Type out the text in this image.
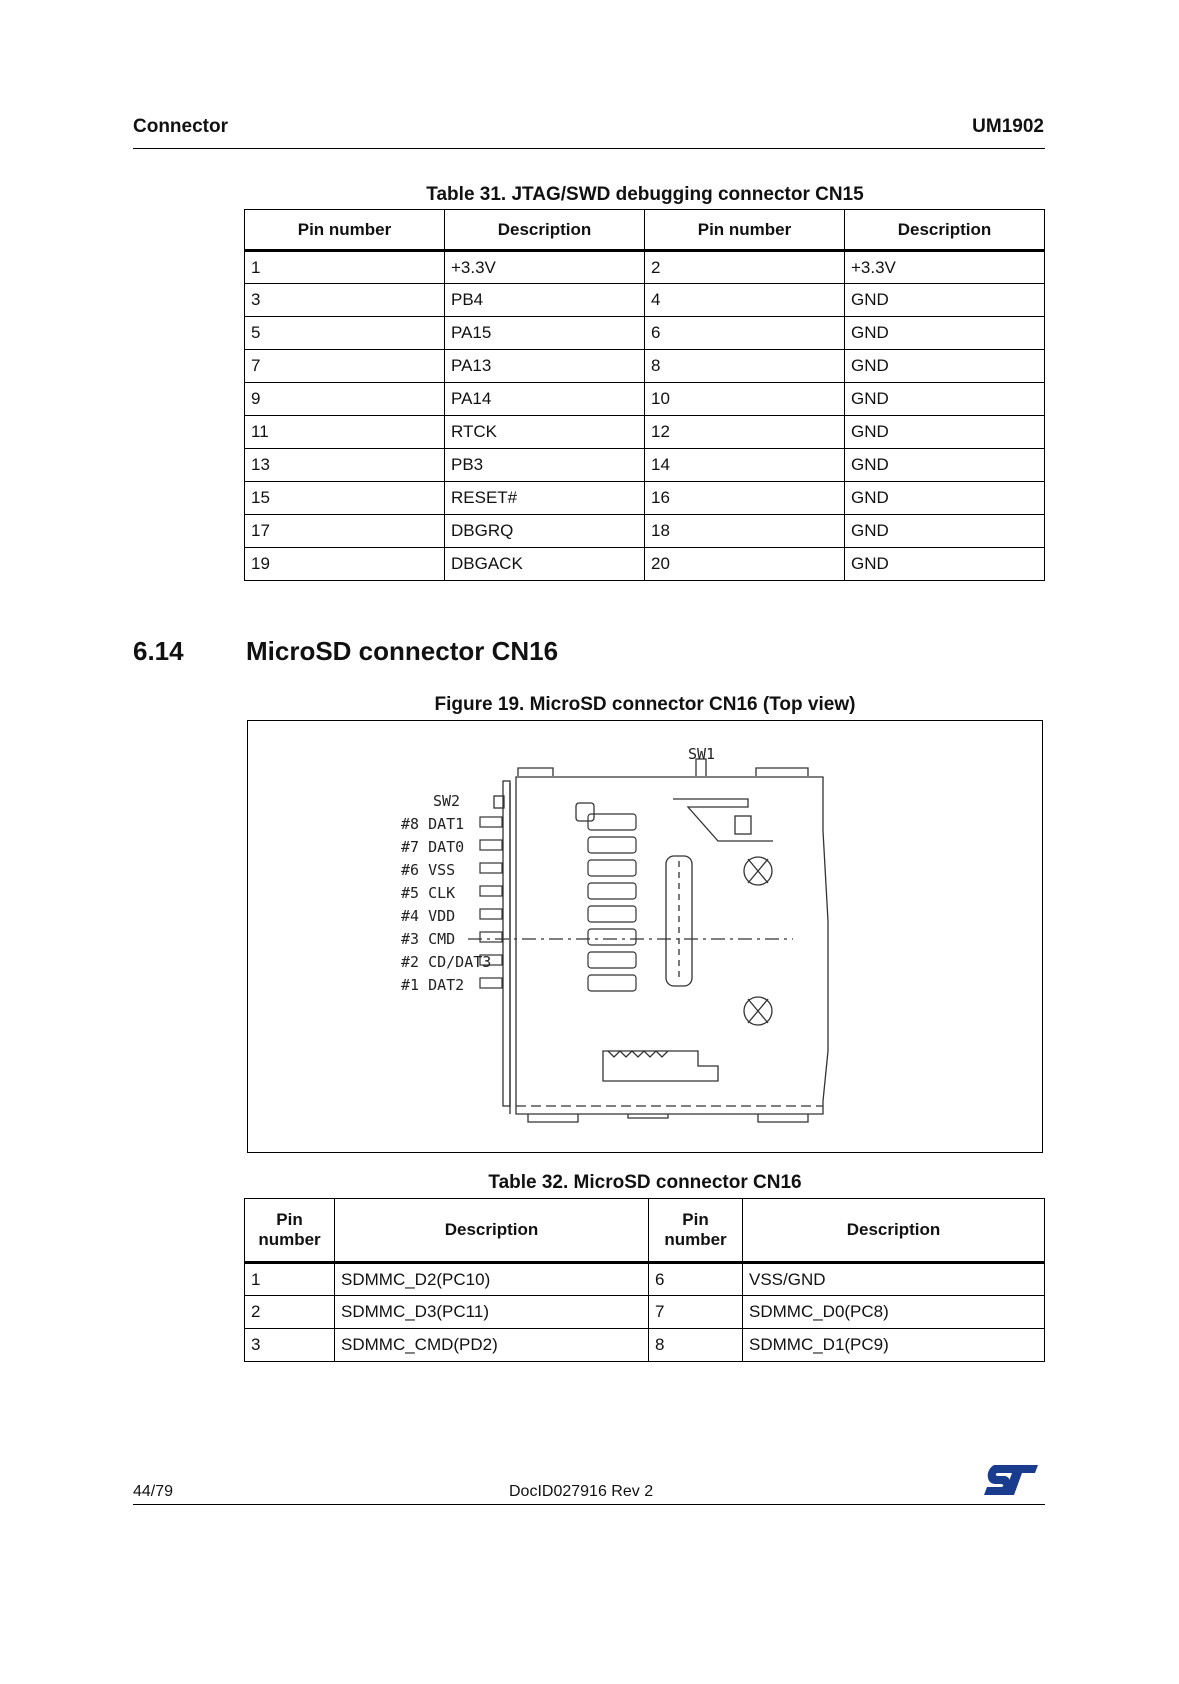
Connector	UM1902
Table 31. JTAG/SWD debugging connector CN15
Pin number	Description	Pin number	Description
1	+3.3V	2	+3.3V
3	PB4	4	GND
5	PA15	6	GND
7	PA13	8	GND
9	PA14	10	GND
11	RTCK	12	GND
13	PB3	14	GND
15	RESET#	16	GND
17	DBGRQ	18	GND
19	DBGACK	20	GND
6.14 MicroSD connector CN16
Figure 19. MicroSD connector CN16 (Top view)
SW1
SW2
#8 DAT1
#7 DAT0
#6 VSS
#5 CLK
#4 VDD
#3 CMD
#2 CD/DAT3
#1 DAT2
Table 32. MicroSD connector CN16
Pin number	Description	Pin number	Description
1	SDMMC_D2(PC10)	6	VSS/GND
2	SDMMC_D3(PC11)	7	SDMMC_D0(PC8)
3	SDMMC_CMD(PD2)	8	SDMMC_D1(PC9)
44/79	DocID027916 Rev 2
